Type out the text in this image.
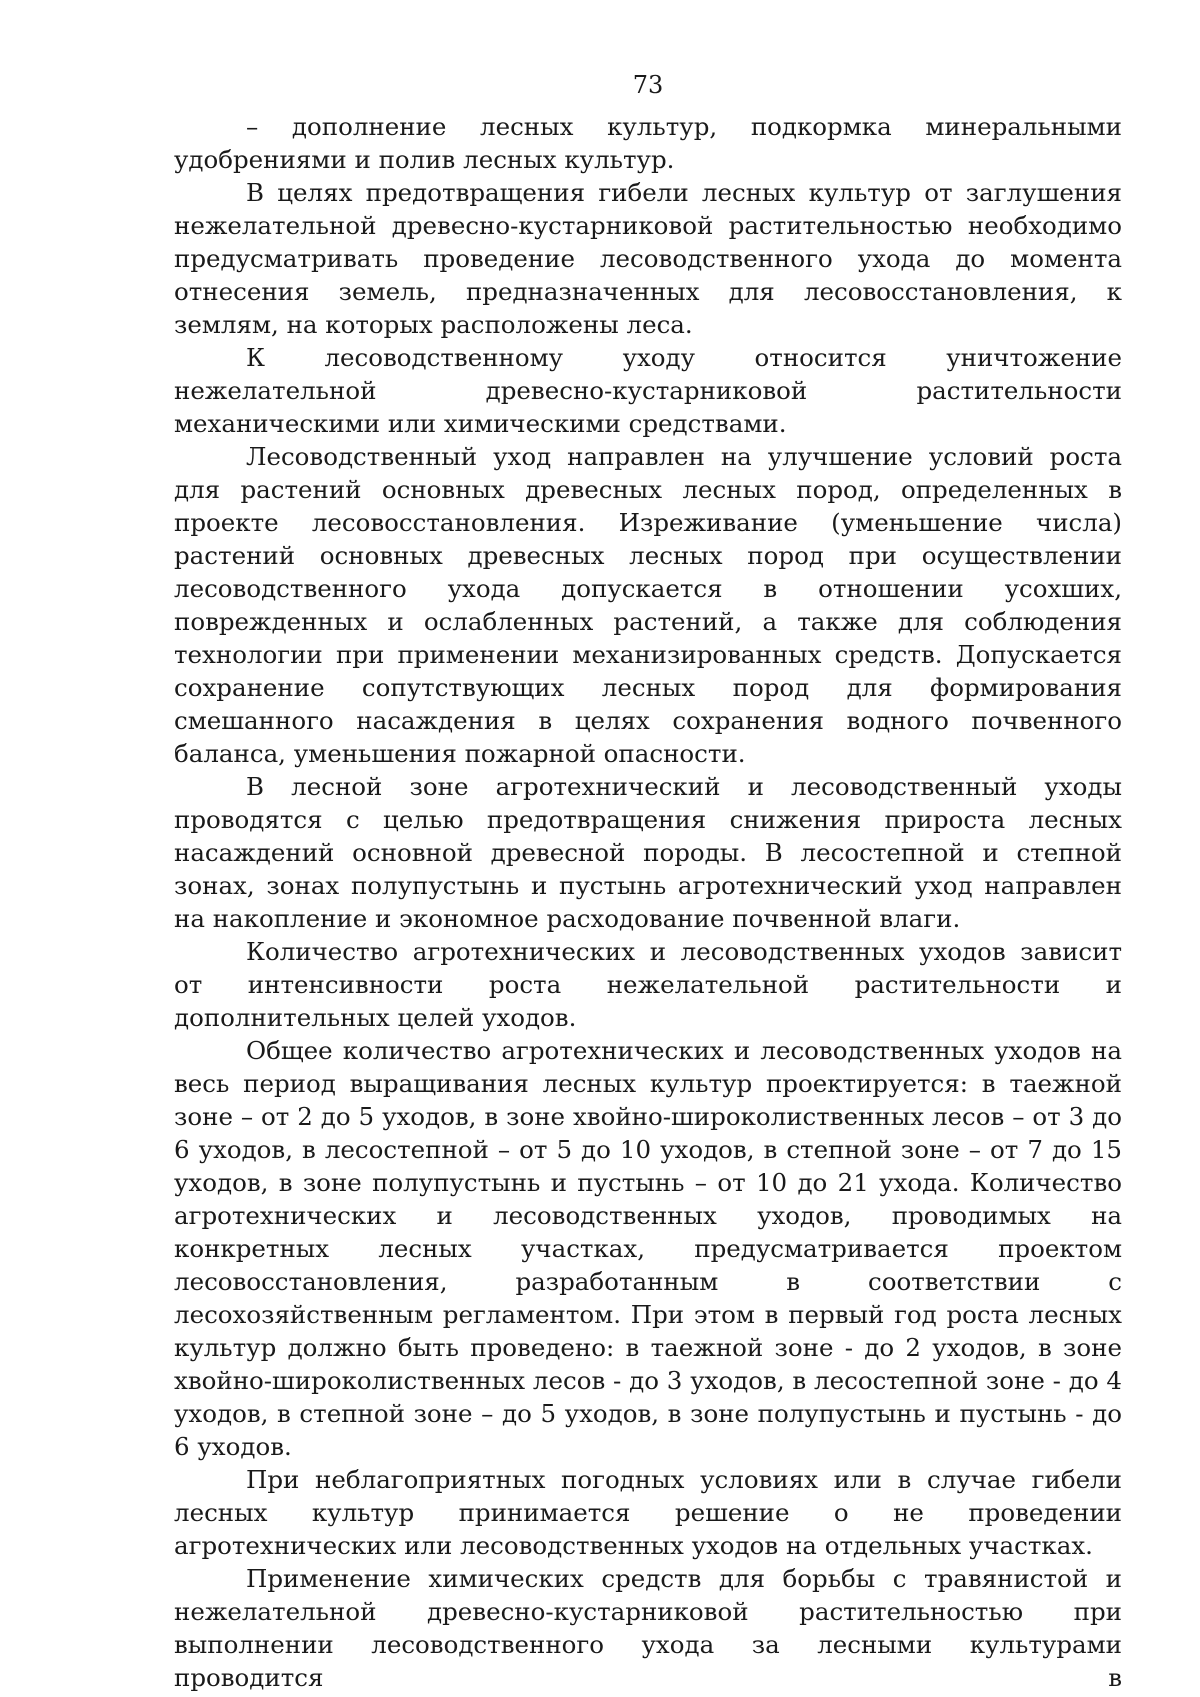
73

– дополнение лесных культур, подкормка минеральными удобрениями и полив лесных культур.

В целях предотвращения гибели лесных культур от заглушения нежелательной древесно-кустарниковой растительностью необходимо предусматривать проведение лесоводственного ухода до момента отнесения земель, предназначенных для лесовосстановления, к землям, на которых расположены леса.

К лесоводственному уходу относится уничтожение нежелательной древесно-кустарниковой растительности механическими или химическими средствами.

Лесоводственный уход направлен на улучшение условий роста для растений основных древесных лесных пород, определенных в проекте лесовосстановления. Изреживание (уменьшение числа) растений основных древесных лесных пород при осуществлении лесоводственного ухода допускается в отношении усохших, поврежденных и ослабленных растений, а также для соблюдения технологии при применении механизированных средств. Допускается сохранение сопутствующих лесных пород для формирования смешанного насаждения в целях сохранения водного почвенного баланса, уменьшения пожарной опасности.

В лесной зоне агротехнический и лесоводственный уходы проводятся с целью предотвращения снижения прироста лесных насаждений основной древесной породы. В лесостепной и степной зонах, зонах полупустынь и пустынь агротехнический уход направлен на накопление и экономное расходование почвенной влаги.

Количество агротехнических и лесоводственных уходов зависит от интенсивности роста нежелательной растительности и дополнительных целей уходов.

Общее количество агротехнических и лесоводственных уходов на весь период выращивания лесных культур проектируется: в таежной зоне – от 2 до 5 уходов, в зоне хвойно-широколиственных лесов – от 3 до 6 уходов, в лесостепной – от 5 до 10 уходов, в степной зоне – от 7 до 15 уходов, в зоне полупустынь и пустынь – от 10 до 21 ухода. Количество агротехнических и лесоводственных уходов, проводимых на конкретных лесных участках, предусматривается проектом лесовосстановления, разработанным в соответствии с лесохозяйственным регламентом. При этом в первый год роста лесных культур должно быть проведено: в таежной зоне - до 2 уходов, в зоне хвойно-широколиственных лесов - до 3 уходов, в лесостепной зоне - до 4 уходов, в степной зоне – до 5 уходов, в зоне полупустынь и пустынь - до 6 уходов.

При неблагоприятных погодных условиях или в случае гибели лесных культур принимается решение о не проведении агротехнических или лесоводственных уходов на отдельных участках.

Применение химических средств для борьбы с травянистой и нежелательной древесно-кустарниковой растительностью при выполнении лесоводственного ухода за лесными культурами проводится в
